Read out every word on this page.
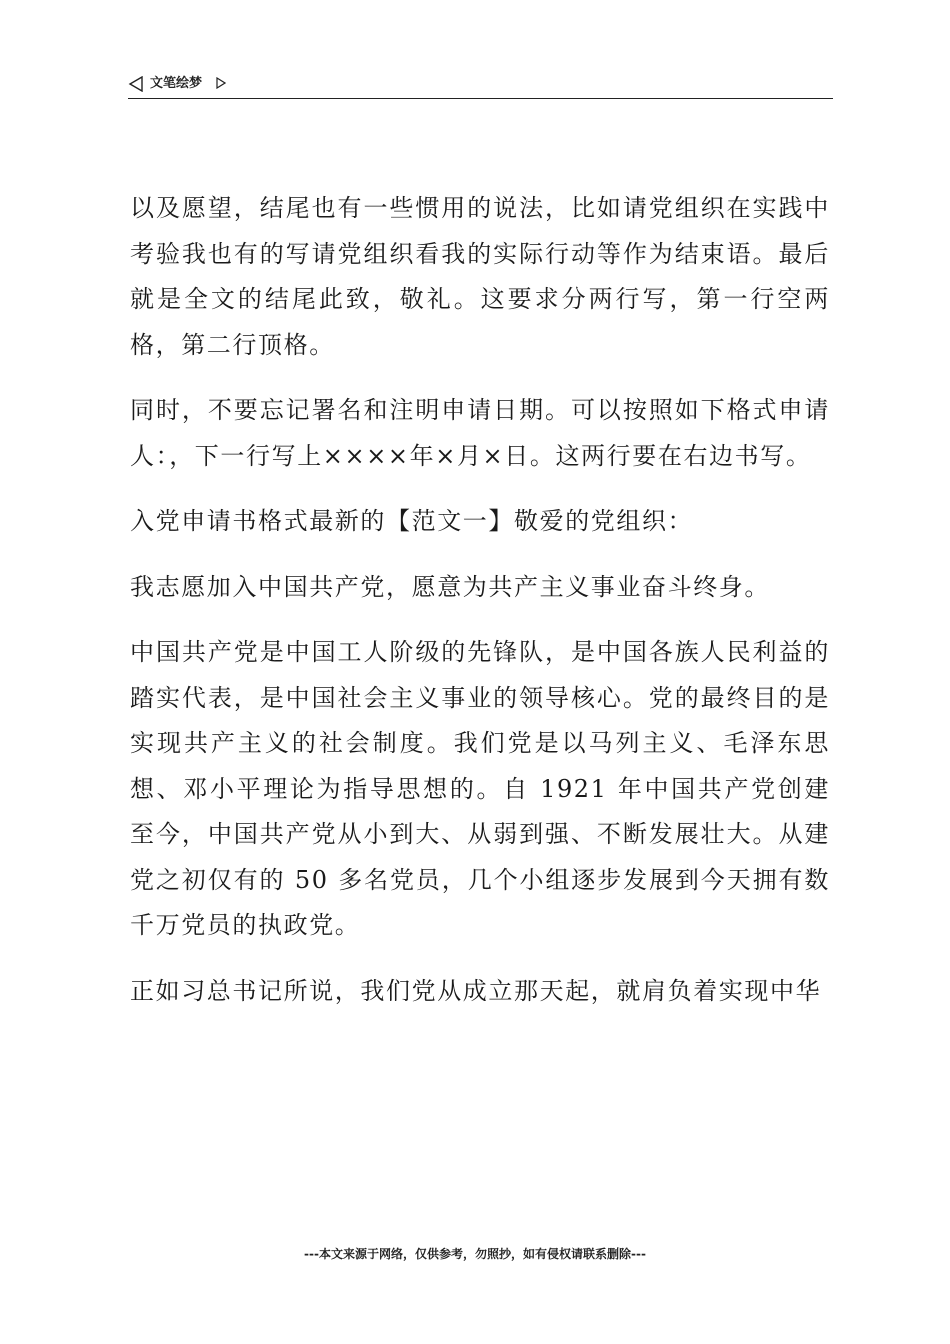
文笔绘梦

以及愿望，结尾也有一些惯用的说法，比如请党组织在实践中考验我也有的写请党组织看我的实际行动等作为结束语。最后就是全文的结尾此致，敬礼。这要求分两行写，第一行空两格，第二行顶格。

同时，不要忘记署名和注明申请日期。可以按照如下格式申请人：，下一行写上××××年×月×日。这两行要在右边书写。

入党申请书格式最新的【范文一】敬爱的党组织：

我志愿加入中国共产党，愿意为共产主义事业奋斗终身。

中国共产党是中国工人阶级的先锋队，是中国各族人民利益的踏实代表，是中国社会主义事业的领导核心。党的最终目的是实现共产主义的社会制度。我们党是以马列主义、毛泽东思想、邓小平理论为指导思想的。自 1921 年中国共产党创建至今，中国共产党从小到大、从弱到强、不断发展壮大。从建党之初仅有的 50 多名党员，几个小组逐步发展到今天拥有数千万党员的执政党。

正如习总书记所说，我们党从成立那天起，就肩负着实现中华

---本文来源于网络，仅供参考，勿照抄，如有侵权请联系删除---
